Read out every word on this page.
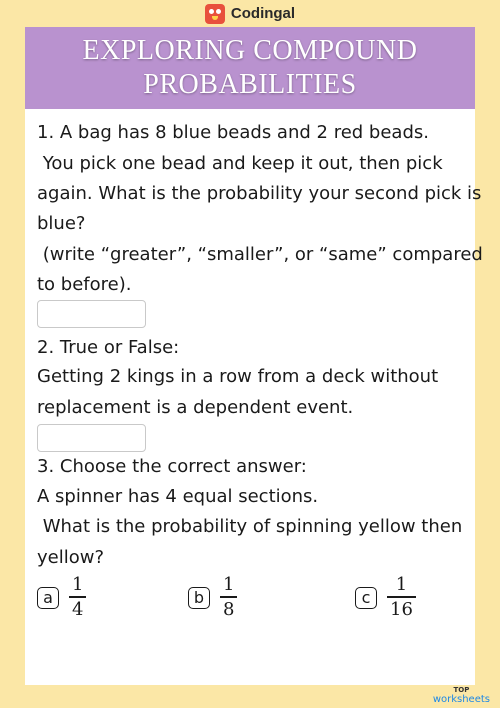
Codingal
EXPLORING COMPOUND
PROBABILITIES
1. A bag has 8 blue beads and 2 red beads.
You pick one bead and keep it out, then pick
again. What is the probability your second pick is
blue?
(write “greater”, “smaller”, or “same” compared
to before).
2. True or False:
Getting 2 kings in a row from a deck without
replacement is a dependent event.
3. Choose the correct answer:
A spinner has 4 equal sections.
What is the probability of spinning yellow then
yellow?
a $\frac{1}{4}$	b $\frac{1}{8}$	c $\frac{1}{16}$
TOP
worksheets
